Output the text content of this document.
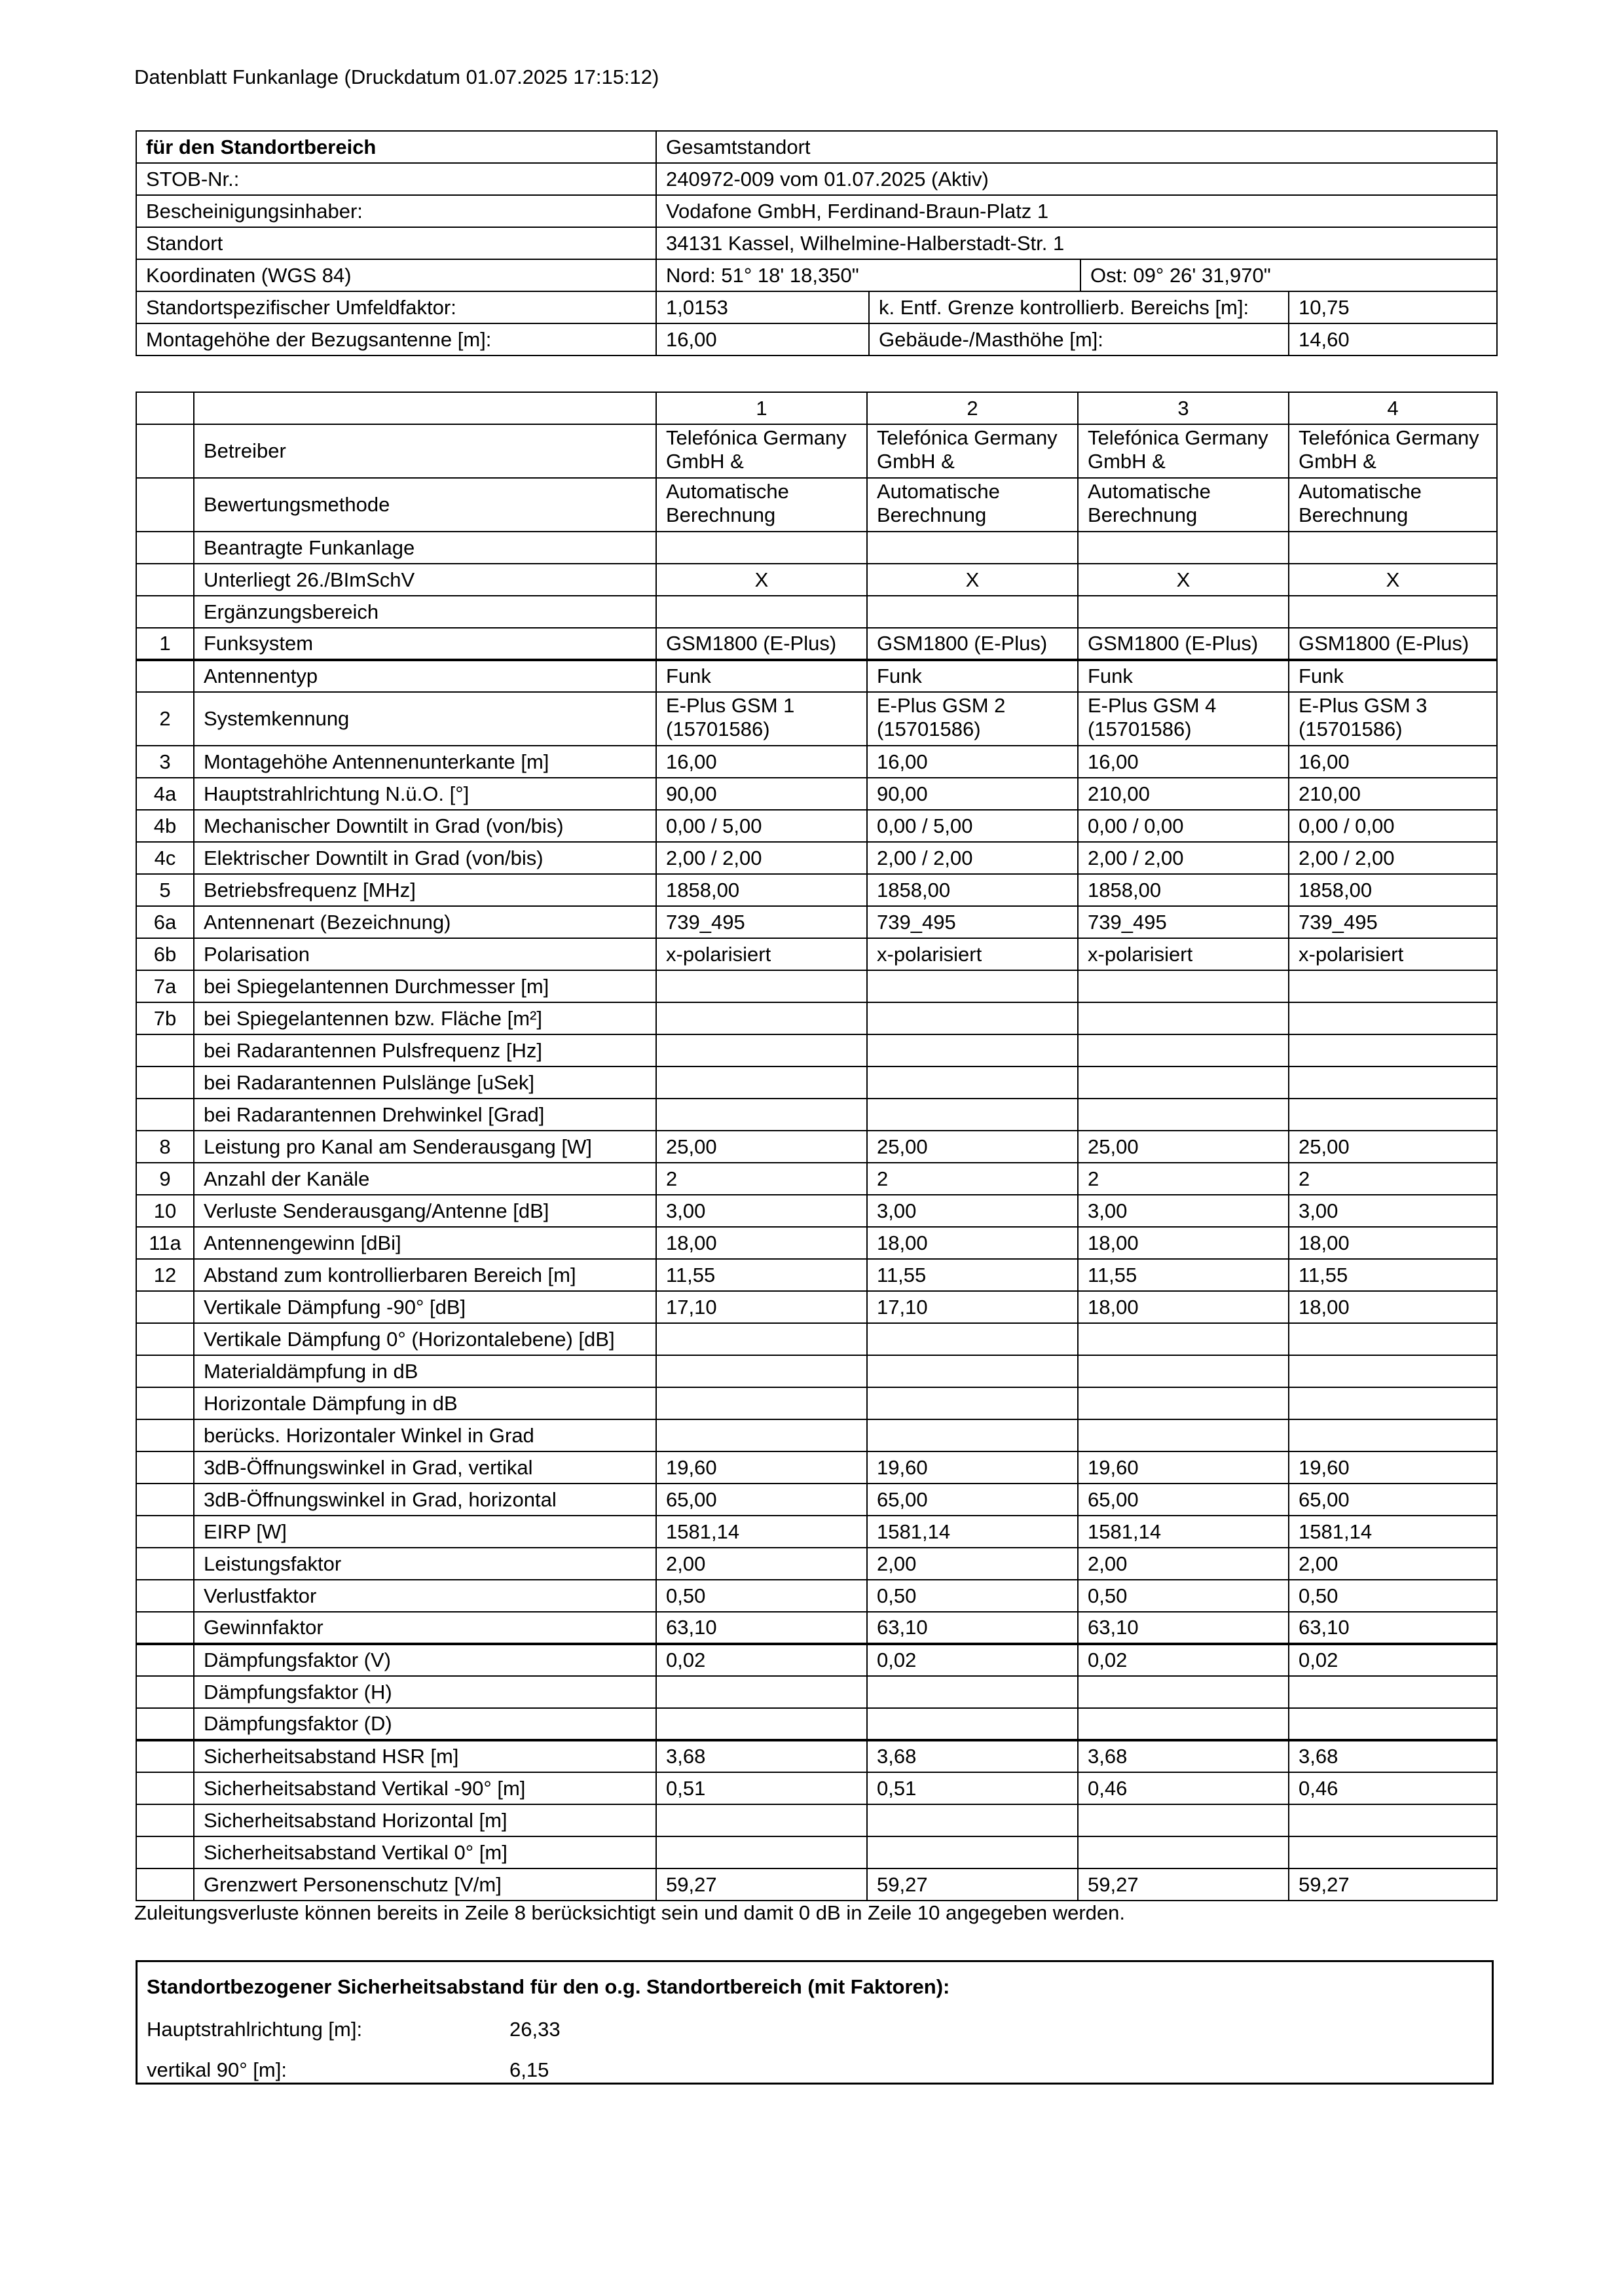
Datenblatt Funkanlage (Druckdatum 01.07.2025 17:15:12)
für den Standortbereich	Gesamtstandort			
STOB-Nr.:	240972-009 vom 01.07.2025 (Aktiv)			
Bescheinigungsinhaber:	Vodafone GmbH, Ferdinand-Braun-Platz 1			
Standort	34131 Kassel, Wilhelmine-Halberstadt-Str. 1			
Koordinaten (WGS 84)	Nord: 51° 18' 18,350"		Ost: 09° 26' 31,970"	
Standortspezifischer Umfeldfaktor:	1,0153	k. Entf. Grenze kontrollierb. Bereichs [m]:		10,75
Montagehöhe der Bezugsantenne [m]:	16,00	Gebäude-/Masthöhe [m]:		14,60
		1	2	3	4
	Betreiber	Telefónica Germany GmbH &	Telefónica Germany GmbH &	Telefónica Germany GmbH &	Telefónica Germany GmbH &
	Bewertungsmethode	Automatische Berechnung	Automatische Berechnung	Automatische Berechnung	Automatische Berechnung
	Beantragte Funkanlage				
	Unterliegt 26./BImSchV	X	X	X	X
	Ergänzungsbereich				
1	Funksystem	GSM1800 (E-Plus)	GSM1800 (E-Plus)	GSM1800 (E-Plus)	GSM1800 (E-Plus)
	Antennentyp	Funk	Funk	Funk	Funk
2	Systemkennung	E-Plus GSM 1 (15701586)	E-Plus GSM 2 (15701586)	E-Plus GSM 4 (15701586)	E-Plus GSM 3 (15701586)
3	Montagehöhe Antennenunterkante [m]	16,00	16,00	16,00	16,00
4a	Hauptstrahlrichtung N.ü.O. [°]	90,00	90,00	210,00	210,00
4b	Mechanischer Downtilt in Grad (von/bis)	0,00 / 5,00	0,00 / 5,00	0,00 / 0,00	0,00 / 0,00
4c	Elektrischer Downtilt in Grad (von/bis)	2,00 / 2,00	2,00 / 2,00	2,00 / 2,00	2,00 / 2,00
5	Betriebsfrequenz [MHz]	1858,00	1858,00	1858,00	1858,00
6a	Antennenart (Bezeichnung)	739_495	739_495	739_495	739_495
6b	Polarisation	x-polarisiert	x-polarisiert	x-polarisiert	x-polarisiert
7a	bei Spiegelantennen Durchmesser [m]				
7b	bei Spiegelantennen bzw. Fläche [m²]				
	bei Radarantennen Pulsfrequenz [Hz]				
	bei Radarantennen Pulslänge [uSek]				
	bei Radarantennen Drehwinkel [Grad]				
8	Leistung pro Kanal am Senderausgang [W]	25,00	25,00	25,00	25,00
9	Anzahl der Kanäle	2	2	2	2
10	Verluste Senderausgang/Antenne [dB]	3,00	3,00	3,00	3,00
11a	Antennengewinn [dBi]	18,00	18,00	18,00	18,00
12	Abstand zum kontrollierbaren Bereich [m]	11,55	11,55	11,55	11,55
	Vertikale Dämpfung -90° [dB]	17,10	17,10	18,00	18,00
	Vertikale Dämpfung 0° (Horizontalebene) [dB]				
	Materialdämpfung in dB				
	Horizontale Dämpfung in dB				
	berücks. Horizontaler Winkel in Grad				
	3dB-Öffnungswinkel in Grad, vertikal	19,60	19,60	19,60	19,60
	3dB-Öffnungswinkel in Grad, horizontal	65,00	65,00	65,00	65,00
	EIRP [W]	1581,14	1581,14	1581,14	1581,14
	Leistungsfaktor	2,00	2,00	2,00	2,00
	Verlustfaktor	0,50	0,50	0,50	0,50
	Gewinnfaktor	63,10	63,10	63,10	63,10
	Dämpfungsfaktor (V)	0,02	0,02	0,02	0,02
	Dämpfungsfaktor (H)				
	Dämpfungsfaktor (D)				
	Sicherheitsabstand HSR [m]	3,68	3,68	3,68	3,68
	Sicherheitsabstand Vertikal -90° [m]	0,51	0,51	0,46	0,46
	Sicherheitsabstand Horizontal [m]				
	Sicherheitsabstand Vertikal 0° [m]				
	Grenzwert Personenschutz [V/m]	59,27	59,27	59,27	59,27
Zuleitungsverluste können bereits in Zeile 8 berücksichtigt sein und damit 0 dB in Zeile 10 angegeben werden.
Standortbezogener Sicherheitsabstand für den o.g. Standortbereich (mit Faktoren):
Hauptstrahlrichtung [m]:	26,33
vertikal 90° [m]:	6,15
